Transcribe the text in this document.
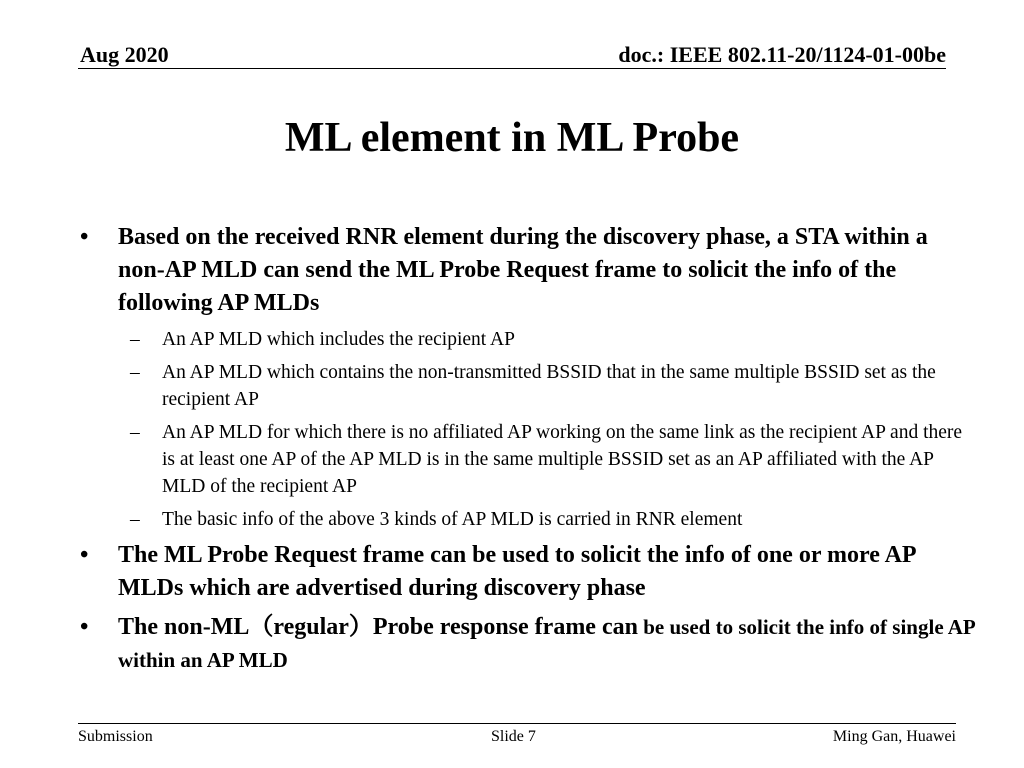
Aug 2020	doc.: IEEE 802.11-20/1124-01-00be
ML element in ML Probe
•	Based on the received RNR element during the discovery phase, a STA within a non-AP MLD can send the ML Probe Request frame to solicit the info of the following AP MLDs
– An AP MLD which includes the recipient AP
– An AP MLD which contains the non-transmitted BSSID that in the same multiple BSSID set as the recipient AP
– An AP MLD for which there is no affiliated AP working on the same link as the recipient AP and there is at least one AP of the AP MLD is in the same multiple BSSID set as an AP affiliated with the AP MLD of the recipient AP
– The basic info of the above 3 kinds of AP MLD is carried in RNR element
•	The ML Probe Request frame can be used to solicit the info of one or more AP MLDs which are advertised during discovery phase
•	The non-ML（regular）Probe response frame can be used to solicit the info of single AP within an AP MLD
Submission	Slide 7	Ming Gan, Huawei
